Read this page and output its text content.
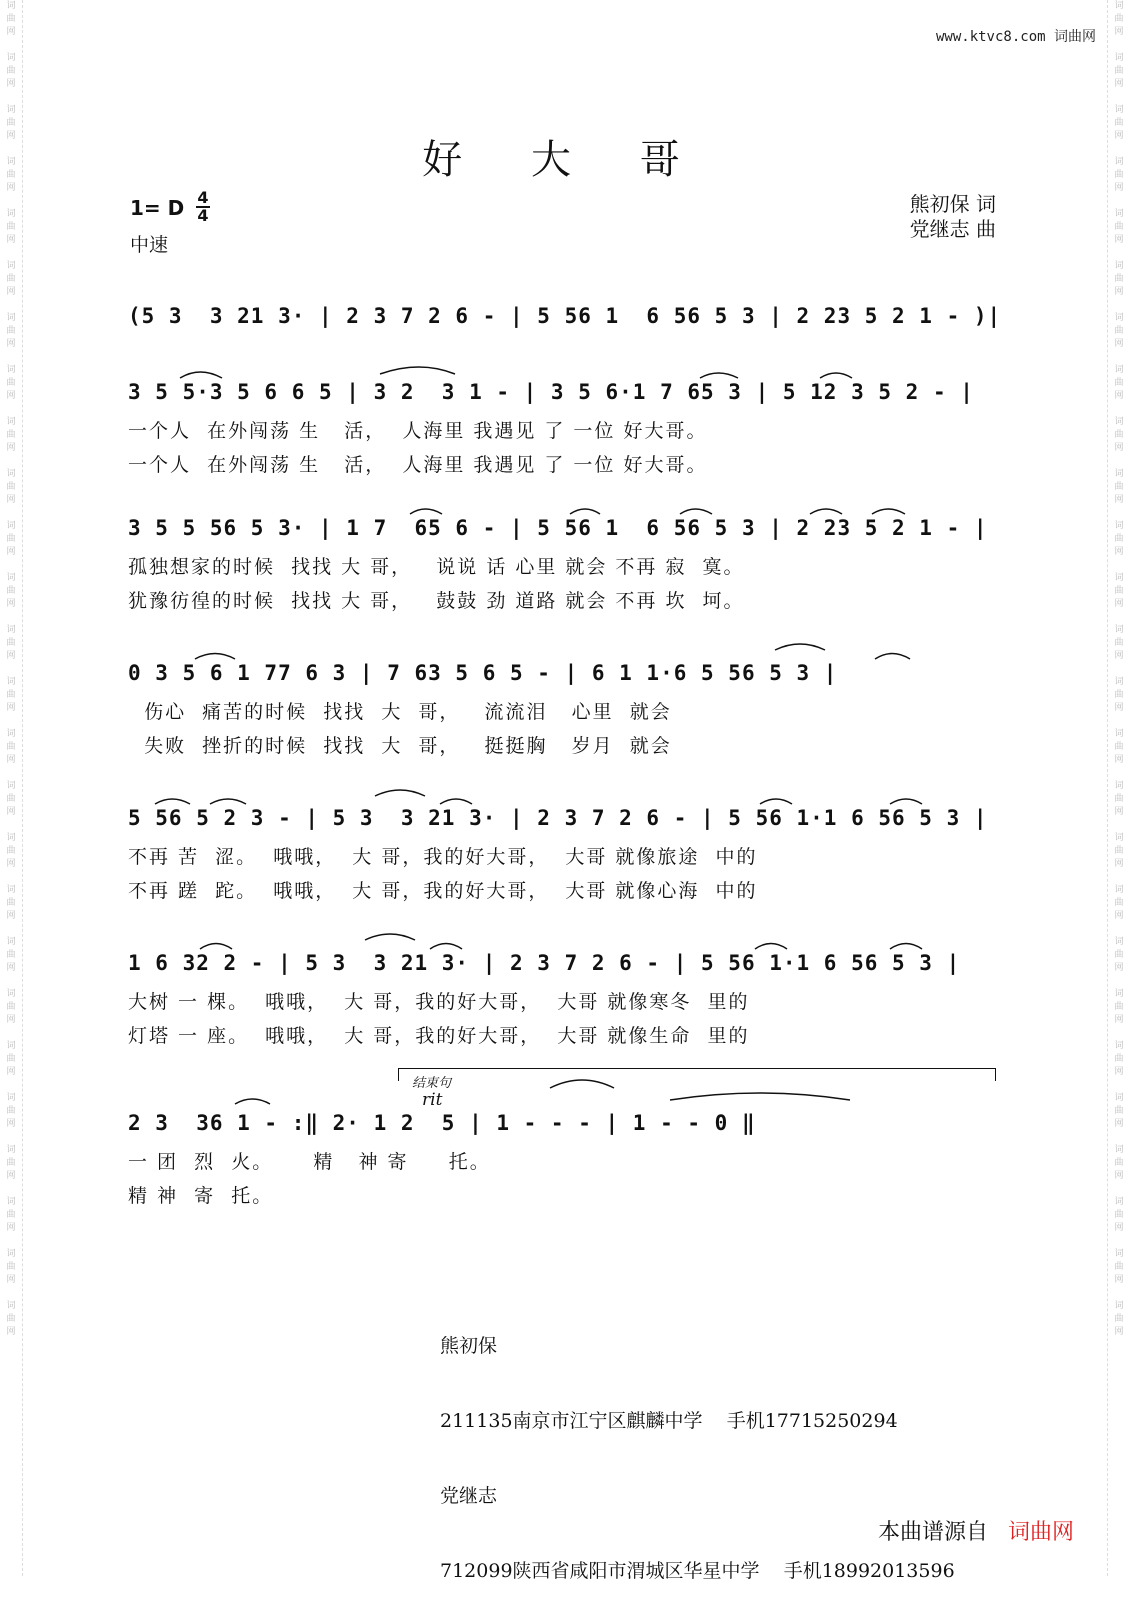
词
曲
网

词
曲
网

词
曲
网

词
曲
网

词
曲
网

词
曲
网

词
曲
网

词
曲
网

词
曲
网

词
曲
网

词
曲
网

词
曲
网

词
曲
网

词
曲
网

词
曲
网

词
曲
网

词
曲
网

词
曲
网

词
曲
网

词
曲
网

词
曲
网

词
曲
网

词
曲
网

词
曲
网

词
曲
网

词
曲
网

词
曲
网

词
曲
网

词
曲
网

词
曲
网

词
曲
网

词
曲
网

词
曲
网

词
曲
网

词
曲
网

词
曲
网

词
曲
网

词
曲
网

词
曲
网

词
曲
网

词
曲
网

词
曲
网

词
曲
网

词
曲
网

词
曲
网

词
曲
网

词
曲
网

词
曲
网

词
曲
网

词
曲
网

词
曲
网

词
曲
网

www.ktvc8.com 词曲网
好 大 哥
1= D 4
4
中速
熊初保 词
党继志 曲
(5 3  3 21 3· | 2 3 7 2 6 - | 5 56 1  6 56 5 3 | 2 23 5 2 1 - )|
3 5 5·3 5 6 6 5 | 3 2  3 1 - | 3 5 6·1 7 65 3 | 5 12 3 5 2 - |
一个人  在外闯荡 生   活，  人海里 我遇见 了 一位 好大哥。
一个人  在外闯荡 生   活，  人海里 我遇见 了 一位 好大哥。
3 5 5 56 5 3· | 1 7  65 6 - | 5 56 1  6 56 5 3 | 2 23 5 2 1 - |
孤独想家的时候  找找 大 哥，   说说 话 心里 就会 不再 寂  寞。
犹豫彷徨的时候  找找 大 哥，   鼓鼓 劲 道路 就会 不再 坎  坷。
0 3 5 6 1 77 6 3 | 7 63 5 6 5 - | 6 1 1·6 5 56 5 3 |
伤心  痛苦的时候  找找  大  哥，   流流泪   心里  就会
失败  挫折的时候  找找  大  哥，   挺挺胸   岁月  就会
5 56 5 2 3 - | 5 3  3 21 3· | 2 3 7 2 6 - | 5 56 1·1 6 56 5 3 |
不再 苦  涩。  哦哦，  大 哥，我的好大哥，  大哥 就像旅途  中的
不再 蹉  跎。  哦哦，  大 哥，我的好大哥，  大哥 就像心海  中的
1 6 32 2 - | 5 3  3 21 3· | 2 3 7 2 6 - | 5 56 1·1 6 56 5 3 |
大树 一 棵。  哦哦，  大 哥，我的好大哥，  大哥 就像寒冬  里的
灯塔 一 座。  哦哦，  大 哥，我的好大哥，  大哥 就像生命  里的
结束句
rit
2 3  36 1 - :‖ 2· 1 2  5 | 1 - - - | 1 - - 0 ‖
一 团  烈  火。     精   神 寄     托。
精 神  寄  托。

熊初保

211135南京市江宁区麒麟中学    手机17715250294

党继志

712099陕西省咸阳市渭城区华星中学    手机18992013596

本曲谱源自 词曲网
